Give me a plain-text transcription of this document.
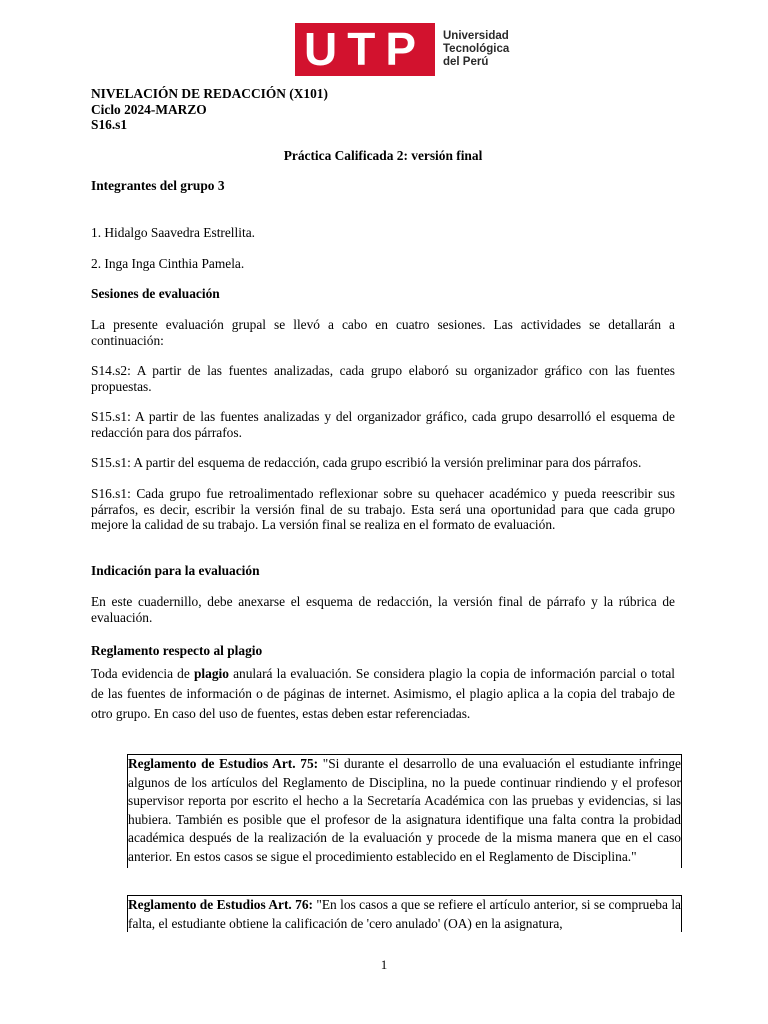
UTP Universidad
Tecnológica
del Perú
NIVELACIÓN DE REDACCIÓN (X101)
Ciclo 2024-MARZO
S16.s1
Práctica Calificada 2: versión final
Integrantes del grupo 3
1. Hidalgo Saavedra Estrellita.
2. Inga Inga Cinthia Pamela.
Sesiones de evaluación
La presente evaluación grupal se llevó a cabo en cuatro sesiones. Las actividades se detallarán a continuación:
S14.s2: A partir de las fuentes analizadas, cada grupo elaboró su organizador gráfico con las fuentes propuestas.
S15.s1: A partir de las fuentes analizadas y del organizador gráfico, cada grupo desarrolló el esquema de redacción para dos párrafos.
S15.s1: A partir del esquema de redacción, cada grupo escribió la versión preliminar para dos párrafos.
S16.s1: Cada grupo fue retroalimentado reflexionar sobre su quehacer académico y pueda reescribir sus párrafos, es decir, escribir la versión final de su trabajo. Esta será una oportunidad para que cada grupo mejore la calidad de su trabajo. La versión final se realiza en el formato de evaluación.
Indicación para la evaluación
En este cuadernillo, debe anexarse el esquema de redacción, la versión final de párrafo y la rúbrica de evaluación.
Reglamento respecto al plagio
Toda evidencia de plagio anulará la evaluación. Se considera plagio la copia de información parcial o total de las fuentes de información o de páginas de internet. Asimismo, el plagio aplica a la copia del trabajo de otro grupo. En caso del uso de fuentes, estas deben estar referenciadas.
Reglamento de Estudios Art. 75: "Si durante el desarrollo de una evaluación el estudiante infringe algunos de los artículos del Reglamento de Disciplina, no la puede continuar rindiendo y el profesor supervisor reporta por escrito el hecho a la Secretaría Académica con las pruebas y evidencias, si las hubiera. También es posible que el profesor de la asignatura identifique una falta contra la probidad académica después de la realización de la evaluación y procede de la misma manera que en el caso anterior. En estos casos se sigue el procedimiento establecido en el Reglamento de Disciplina."
Reglamento de Estudios Art. 76: "En los casos a que se refiere el artículo anterior, si se comprueba la falta, el estudiante obtiene la calificación de 'cero anulado' (OA) en la asignatura,
1
